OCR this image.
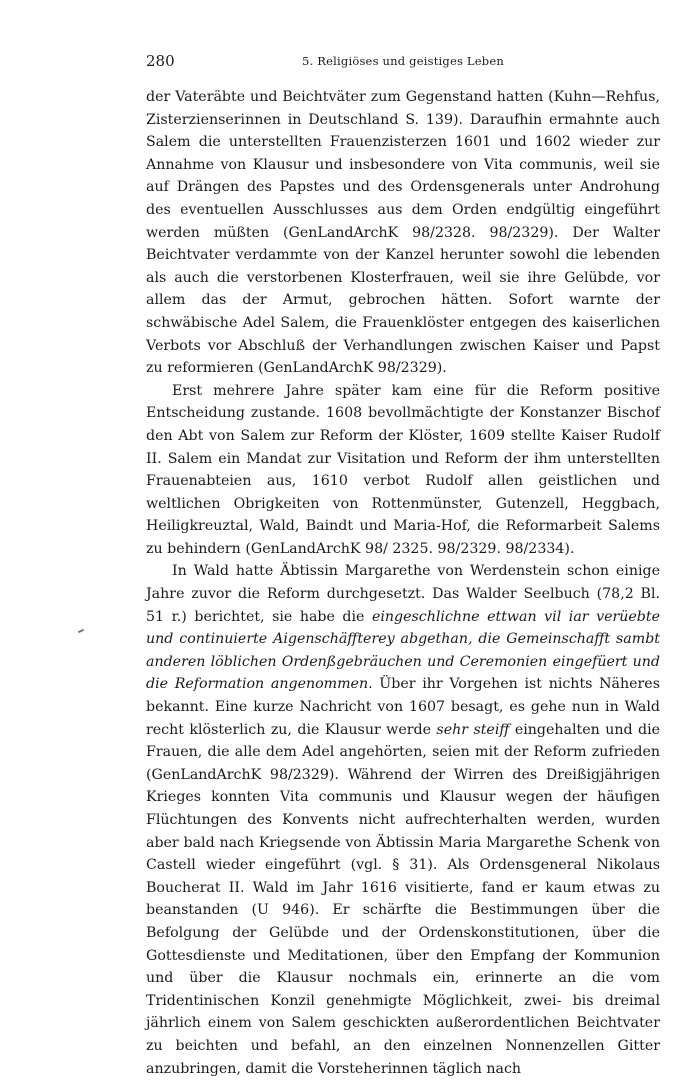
280	5. Religiöses und geistiges Leben

der Vateräbte und Beichtväter zum Gegenstand hatten (Kuhn—Rehfus, Zisterzienserinnen in Deutschland S. 139). Daraufhin ermahnte auch Salem die unterstellten Frauenzisterzen 1601 und 1602 wieder zur Annahme von Klausur und insbesondere von Vita communis, weil sie auf Drängen des Papstes und des Ordensgenerals unter Androhung des eventuellen Ausschlusses aus dem Orden endgültig eingeführt werden müßten (GenLandArchK 98/2328. 98/2329). Der Walter Beichtvater verdammte von der Kanzel herunter sowohl die lebenden als auch die verstorbenen Klosterfrauen, weil sie ihre Gelübde, vor allem das der Armut, gebrochen hätten. Sofort warnte der schwäbische Adel Salem, die Frauenklöster entgegen des kaiserlichen Verbots vor Abschluß der Verhandlungen zwischen Kaiser und Papst zu reformieren (GenLandArchK 98/2329).

Erst mehrere Jahre später kam eine für die Reform positive Entscheidung zustande. 1608 bevollmächtigte der Konstanzer Bischof den Abt von Salem zur Reform der Klöster, 1609 stellte Kaiser Rudolf II. Salem ein Mandat zur Visitation und Reform der ihm unterstellten Frauenabteien aus, 1610 verbot Rudolf allen geistlichen und weltlichen Obrigkeiten von Rottenmünster, Gutenzell, Heggbach, Heiligkreuztal, Wald, Baindt und Maria-Hof, die Reformarbeit Salems zu behindern (GenLandArchK 98/ 2325. 98/2329. 98/2334).

In Wald hatte Äbtissin Margarethe von Werdenstein schon einige Jahre zuvor die Reform durchgesetzt. Das Walder Seelbuch (78,2 Bl. 51 r.) berichtet, sie habe die eingeschlichne ettwan vil iar verüebte und continuierte Aigenschäffterey abgethan, die Gemeinschafft sambt anderen löblichen Ordenßgebräuchen und Ceremonien eingefüert und die Reformation angenommen. Über ihr Vorgehen ist nichts Näheres bekannt. Eine kurze Nachricht von 1607 besagt, es gehe nun in Wald recht klösterlich zu, die Klausur werde sehr steiff eingehalten und die Frauen, die alle dem Adel angehörten, seien mit der Reform zufrieden (GenLandArchK 98/2329). Während der Wirren des Dreißigjährigen Krieges konnten Vita communis und Klausur wegen der häufigen Flüchtungen des Konvents nicht aufrechterhalten werden, wurden aber bald nach Kriegsende von Äbtissin Maria Margarethe Schenk von Castell wieder eingeführt (vgl. § 31). Als Ordensgeneral Nikolaus Boucherat II. Wald im Jahr 1616 visitierte, fand er kaum etwas zu beanstanden (U 946). Er schärfte die Bestimmungen über die Befolgung der Gelübde und der Ordenskonstitutionen, über die Gottesdienste und Meditationen, über den Empfang der Kommunion und über die Klausur nochmals ein, erinnerte an die vom Tridentinischen Konzil genehmigte Möglichkeit, zwei- bis dreimal jährlich einem von Salem geschickten außerordentlichen Beichtvater zu beichten und befahl, an den einzelnen Nonnenzellen Gitter anzubringen, damit die Vorsteherinnen täglich nach
